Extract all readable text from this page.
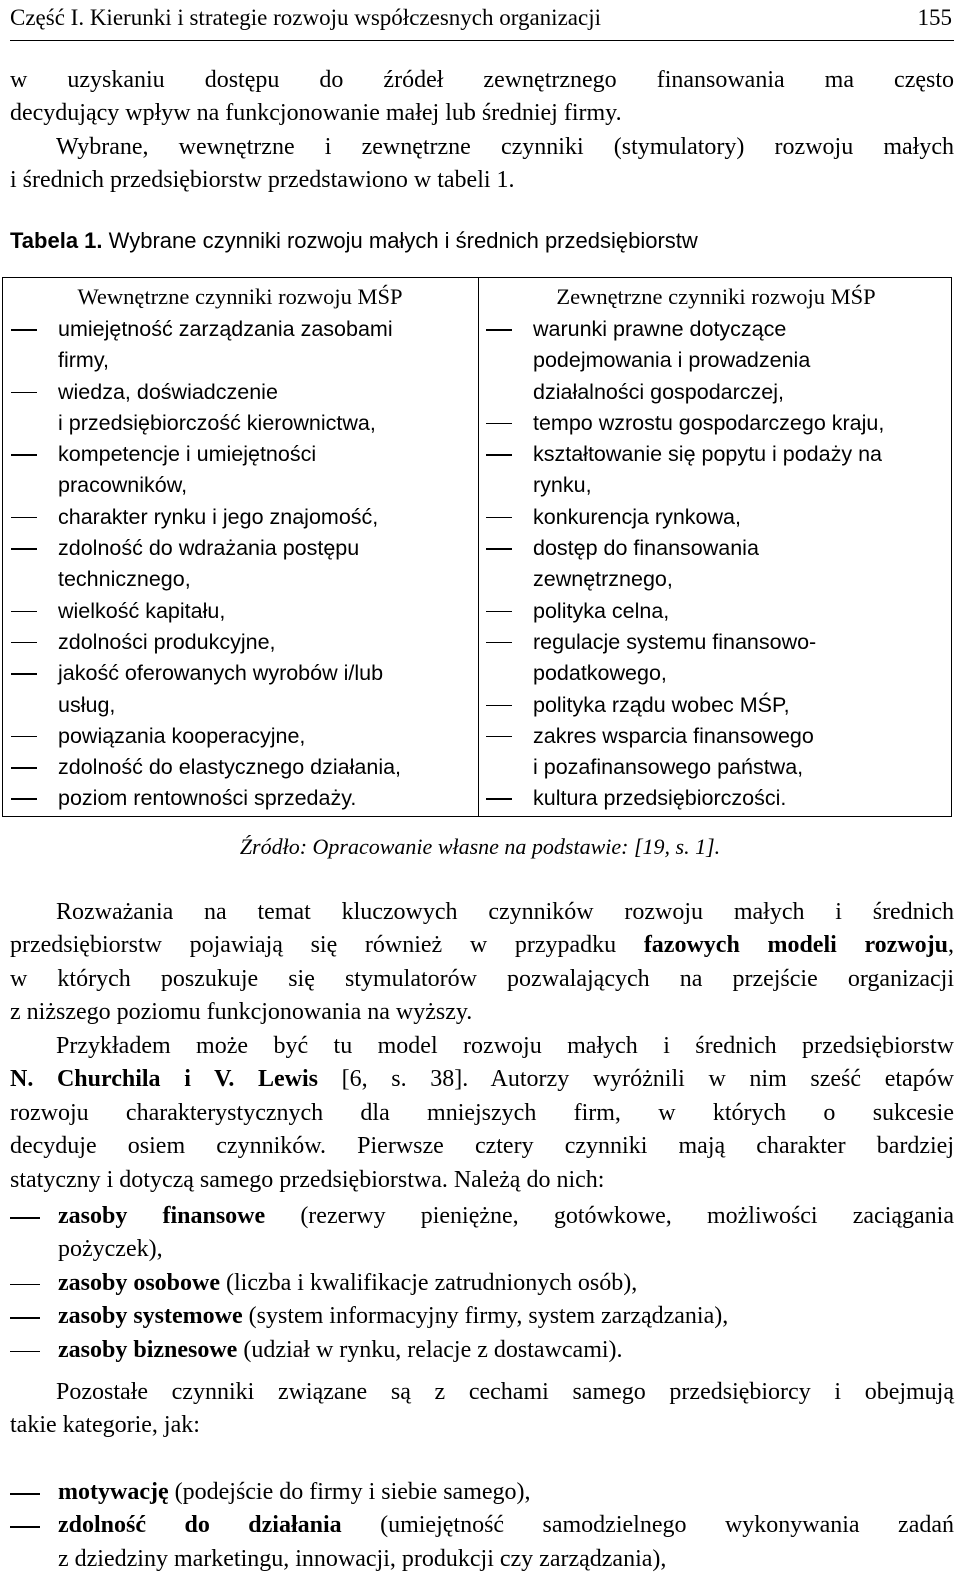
Część I. Kierunki i strategie rozwoju współczesnych organizacji	155
w uzyskaniu dostępu do źródeł zewnętrznego finansowania ma często
decydujący wpływ na funkcjonowanie małej lub średniej firmy.
Wybrane, wewnętrzne i zewnętrzne czynniki (stymulatory) rozwoju małych
i średnich przedsiębiorstw przedstawiono w tabeli 1.
Tabela 1. Wybrane czynniki rozwoju małych i średnich przedsiębiorstw
Wewnętrzne czynniki rozwoju MŚP
umiejętność zarządzania zasobami
firmy,
wiedza, doświadczenie
i przedsiębiorczość kierownictwa,
kompetencje i umiejętności
pracowników,
charakter rynku i jego znajomość,
zdolność do wdrażania postępu
technicznego,
wielkość kapitału,
zdolności produkcyjne,
jakość oferowanych wyrobów i/lub
usług,
powiązania kooperacyjne,
zdolność do elastycznego działania,
poziom rentowności sprzedaży.
Zewnętrzne czynniki rozwoju MŚP
warunki prawne dotyczące
podejmowania i prowadzenia
działalności gospodarczej,
tempo wzrostu gospodarczego kraju,
kształtowanie się popytu i podaży na
rynku,
konkurencja rynkowa,
dostęp do finansowania
zewnętrznego,
polityka celna,
regulacje systemu finansowo-
podatkowego,
polityka rządu wobec MŚP,
zakres wsparcia finansowego
i pozafinansowego państwa,
kultura przedsiębiorczości.
Źródło: Opracowanie własne na podstawie: [19, s. 1].
Rozważania na temat kluczowych czynników rozwoju małych i średnich
przedsiębiorstw pojawiają się również w przypadku fazowych modeli rozwoju,
w których poszukuje się stymulatorów pozwalających na przejście organizacji
z niższego poziomu funkcjonowania na wyższy.
Przykładem może być tu model rozwoju małych i średnich przedsiębiorstw
N. Churchila i V. Lewis [6, s. 38]. Autorzy wyróżnili w nim sześć etapów
rozwoju charakterystycznych dla mniejszych firm, w których o sukcesie
decyduje osiem czynników. Pierwsze cztery czynniki mają charakter bardziej
statyczny i dotyczą samego przedsiębiorstwa. Należą do nich:
zasoby finansowe (rezerwy pieniężne, gotówkowe, możliwości zaciągania
pożyczek),
zasoby osobowe (liczba i kwalifikacje zatrudnionych osób),
zasoby systemowe (system informacyjny firmy, system zarządzania),
zasoby biznesowe (udział w rynku, relacje z dostawcami).
Pozostałe czynniki związane są z cechami samego przedsiębiorcy i obejmują
takie kategorie, jak:
motywację (podejście do firmy i siebie samego),
zdolność do działania (umiejętność samodzielnego wykonywania zadań
z dziedziny marketingu, innowacji, produkcji czy zarządzania),
